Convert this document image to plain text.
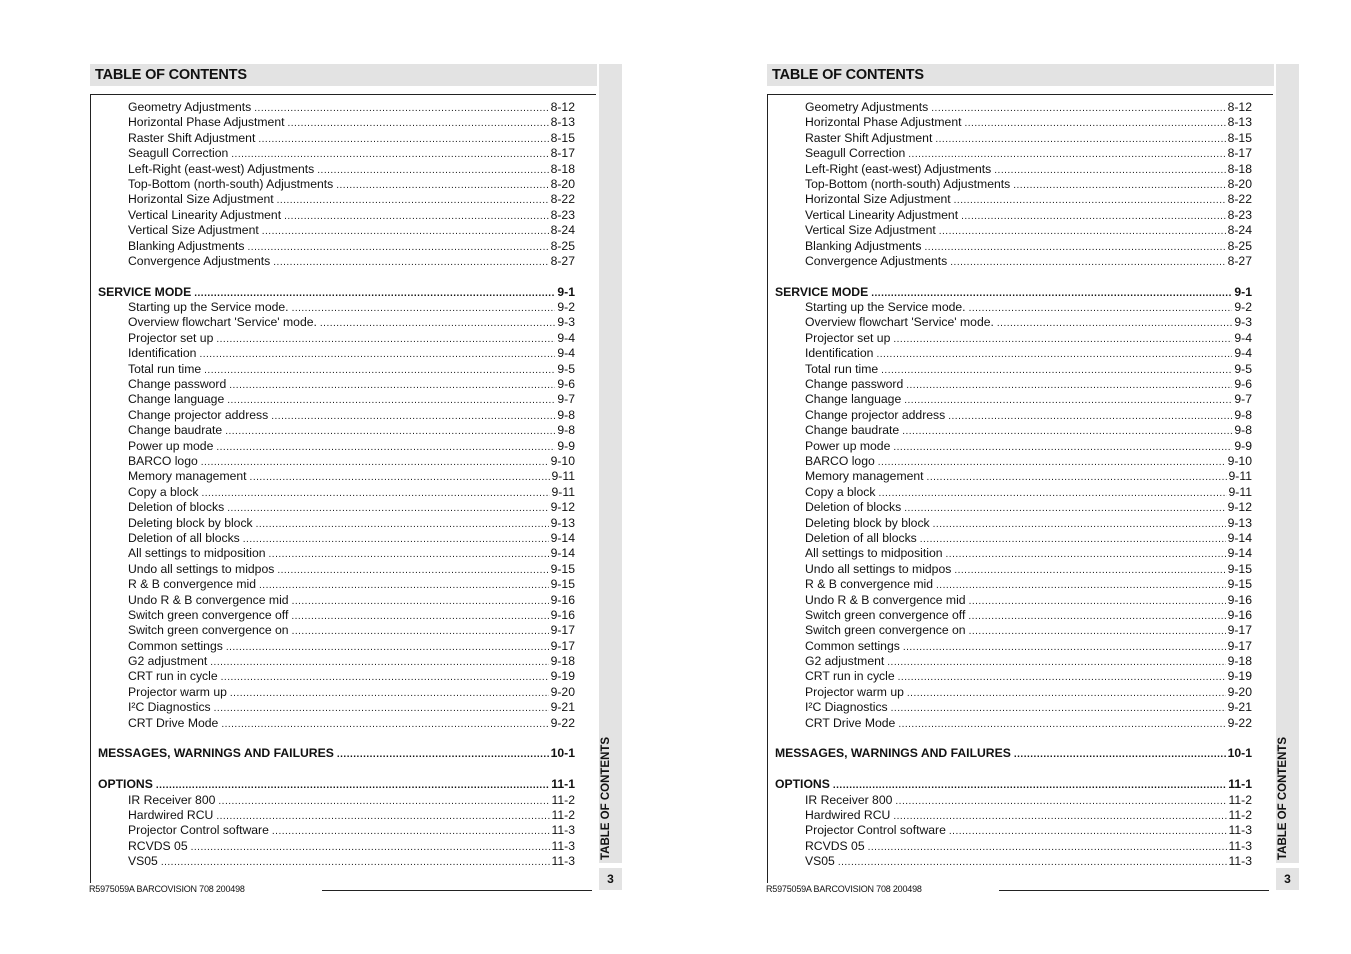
TABLE OF CONTENTS
3
Geometry Adjustments .....	8-12
Horizontal Phase Adjustment .....	8-13
Raster Shift Adjustment .....	8-15
Seagull Correction .....	8-17
Left-Right (east-west) Adjustments .....	8-18
Top-Bottom (north-south) Adjustments .....	8-20
Horizontal Size Adjustment .....	8-22
Vertical Linearity Adjustment .....	8-23
Vertical Size Adjustment .....	8-24
Blanking Adjustments .....	8-25
Convergence Adjustments .....	8-27
SERVICE MODE .....	9-1
Starting up the Service mode. .....	9-2
Overview flowchart 'Service' mode. .....	9-3
Projector set up .....	9-4
Identification .....	9-4
Total run time .....	9-5
Change password .....	9-6
Change language .....	9-7
Change projector address .....	9-8
Change baudrate .....	9-8
Power up mode .....	9-9
BARCO logo .....	9-10
Memory management .....	9-11
Copy a block .....	9-11
Deletion of blocks .....	9-12
Deleting block by block .....	9-13
Deletion of all blocks .....	9-14
All settings to midposition .....	9-14
Undo all settings to midpos .....	9-15
R & B convergence mid .....	9-15
Undo R & B convergence mid .....	9-16
Switch green convergence off .....	9-16
Switch green convergence on .....	9-17
Common settings .....	9-17
G2 adjustment .....	9-18
CRT run in cycle .....	9-19
Projector warm up .....	9-20
I²C Diagnostics .....	9-21
CRT Drive Mode .....	9-22
MESSAGES, WARNINGS AND FAILURES .....	10-1
OPTIONS .....	11-1
IR Receiver 800 .....	11-2
Hardwired RCU .....	11-2
Projector Control software .....	11-3
RCVDS 05 .....	11-3
VS05 .....	11-3
R5975059A BARCOVISION 708 200498
TABLE OF CONTENTS
3
Geometry Adjustments .....	8-12
Horizontal Phase Adjustment .....	8-13
Raster Shift Adjustment .....	8-15
Seagull Correction .....	8-17
Left-Right (east-west) Adjustments .....	8-18
Top-Bottom (north-south) Adjustments .....	8-20
Horizontal Size Adjustment .....	8-22
Vertical Linearity Adjustment .....	8-23
Vertical Size Adjustment .....	8-24
Blanking Adjustments .....	8-25
Convergence Adjustments .....	8-27
SERVICE MODE .....	9-1
Starting up the Service mode. .....	9-2
Overview flowchart 'Service' mode. .....	9-3
Projector set up .....	9-4
Identification .....	9-4
Total run time .....	9-5
Change password .....	9-6
Change language .....	9-7
Change projector address .....	9-8
Change baudrate .....	9-8
Power up mode .....	9-9
BARCO logo .....	9-10
Memory management .....	9-11
Copy a block .....	9-11
Deletion of blocks .....	9-12
Deleting block by block .....	9-13
Deletion of all blocks .....	9-14
All settings to midposition .....	9-14
Undo all settings to midpos .....	9-15
R & B convergence mid .....	9-15
Undo R & B convergence mid .....	9-16
Switch green convergence off .....	9-16
Switch green convergence on .....	9-17
Common settings .....	9-17
G2 adjustment .....	9-18
CRT run in cycle .....	9-19
Projector warm up .....	9-20
I²C Diagnostics .....	9-21
CRT Drive Mode .....	9-22
MESSAGES, WARNINGS AND FAILURES .....	10-1
OPTIONS .....	11-1
IR Receiver 800 .....	11-2
Hardwired RCU .....	11-2
Projector Control software .....	11-3
RCVDS 05 .....	11-3
VS05 .....	11-3
R5975059A BARCOVISION 708 200498
